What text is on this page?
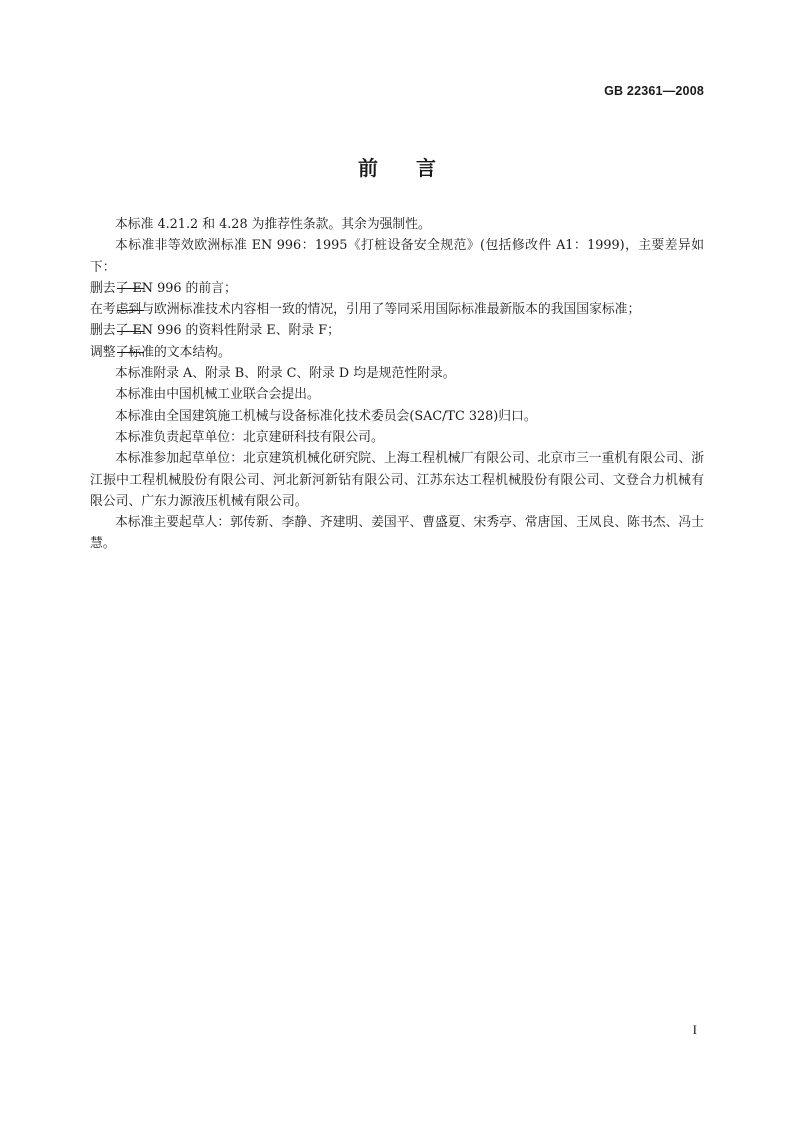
GB 22361—2008
前 言

本标准 4.21.2 和 4.28 为推荐性条款。其余为强制性。

本标准非等效欧洲标准 EN 996：1995《打桩设备安全规范》(包括修改件 A1：1999)，主要差异如下：

删去了 EN 996 的前言；

在考虑到与欧洲标准技术内容相一致的情况，引用了等同采用国际标准最新版本的我国国家标准；

删去了 EN 996 的资料性附录 E、附录 F；

调整了标准的文本结构。

本标准附录 A、附录 B、附录 C、附录 D 均是规范性附录。

本标准由中国机械工业联合会提出。

本标准由全国建筑施工机械与设备标准化技术委员会(SAC/TC 328)归口。

本标准负责起草单位：北京建研科技有限公司。

本标准参加起草单位：北京建筑机械化研究院、上海工程机械厂有限公司、北京市三一重机有限公司、浙江振中工程机械股份有限公司、河北新河新钻有限公司、江苏东达工程机械股份有限公司、文登合力机械有限公司、广东力源液压机械有限公司。

本标准主要起草人：郭传新、李静、齐建明、姜国平、曹盛夏、宋秀亭、常唐国、王凤良、陈书杰、冯士慧。

I
